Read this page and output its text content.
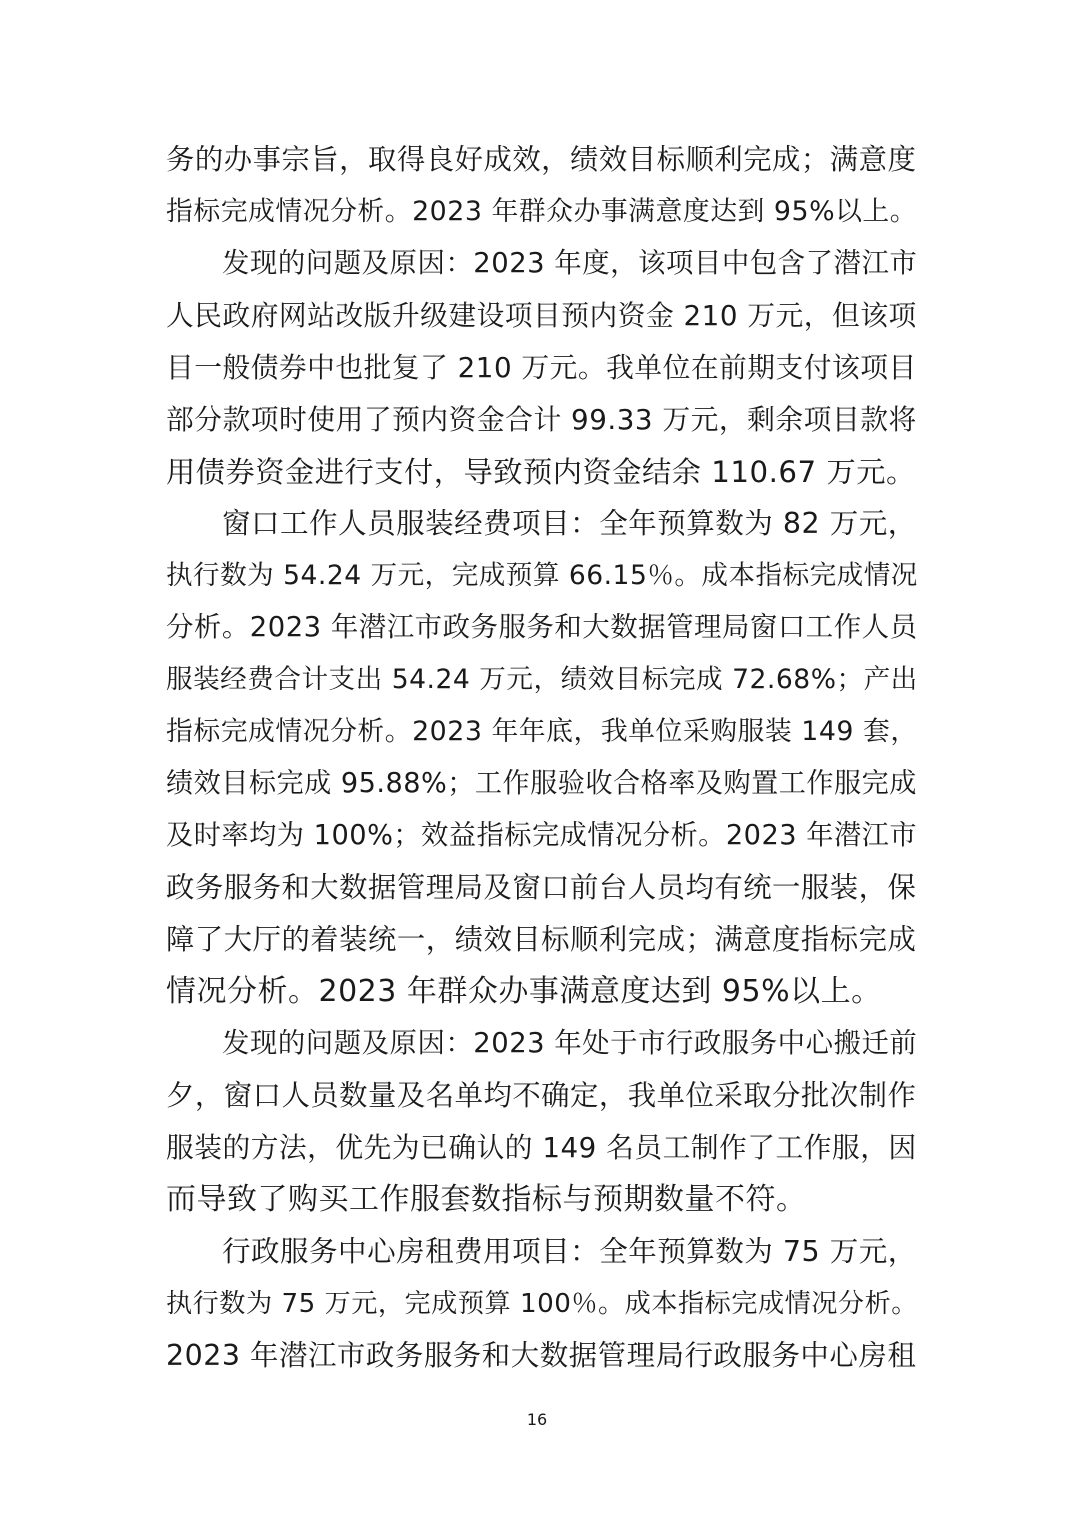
务的办事宗旨，取得良好成效，绩效目标顺利完成；满意度
指标完成情况分析。2023 年群众办事满意度达到 95%以上。
发现的问题及原因：2023 年度，该项目中包含了潜江市
人民政府网站改版升级建设项目预内资金 210 万元，但该项
目一般债券中也批复了 210 万元。我单位在前期支付该项目
部分款项时使用了预内资金合计 99.33 万元，剩余项目款将
用债券资金进行支付，导致预内资金结余 110.67 万元。
窗口工作人员服装经费项目：全年预算数为 82 万元，
执行数为 54.24 万元，完成预算 66.15％。成本指标完成情况
分析。2023 年潜江市政务服务和大数据管理局窗口工作人员
服装经费合计支出 54.24 万元，绩效目标完成 72.68%；产出
指标完成情况分析。2023 年年底，我单位采购服装 149 套，
绩效目标完成 95.88%；工作服验收合格率及购置工作服完成
及时率均为 100%；效益指标完成情况分析。2023 年潜江市
政务服务和大数据管理局及窗口前台人员均有统一服装，保
障了大厅的着装统一，绩效目标顺利完成；满意度指标完成
情况分析。2023 年群众办事满意度达到 95%以上。
发现的问题及原因：2023 年处于市行政服务中心搬迁前
夕，窗口人员数量及名单均不确定，我单位采取分批次制作
服装的方法，优先为已确认的 149 名员工制作了工作服，因
而导致了购买工作服套数指标与预期数量不符。
行政服务中心房租费用项目：全年预算数为 75 万元，
执行数为 75 万元，完成预算 100％。成本指标完成情况分析。
2023 年潜江市政务服务和大数据管理局行政服务中心房租
16
